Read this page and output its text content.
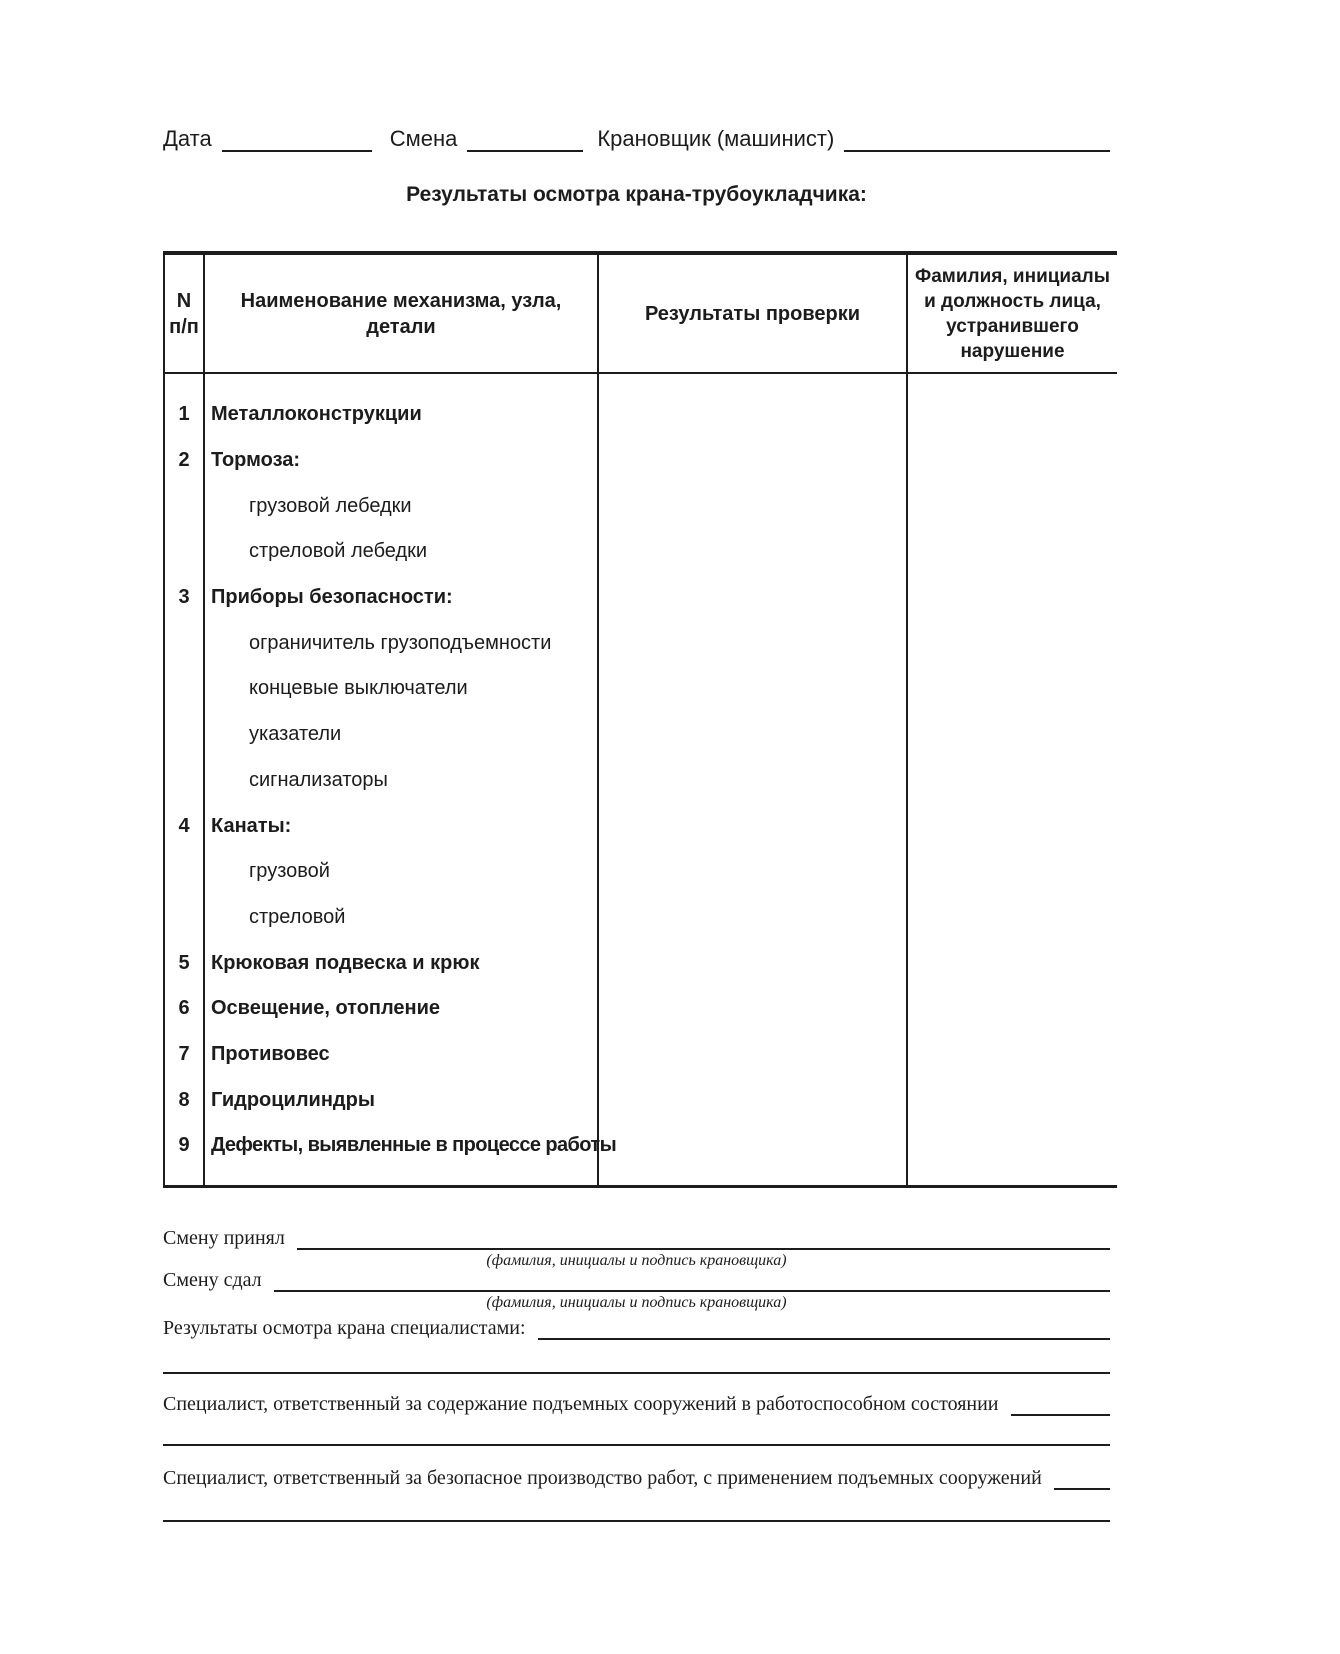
Дата	Смена	Крановщик (машинист)
Результаты осмотра крана-трубоукладчика:
N
п/п
Наименование механизма, узла, детали
Результаты проверки
Фамилия, инициалы
и должность лица,
устранившего
нарушение
1
2
3
4
5
6
7
8
9
Металлоконструкции
Тормоза:
грузовой лебедки
стреловой лебедки
Приборы безопасности:
ограничитель грузоподъемности
концевые выключатели
указатели
сигнализаторы
Канаты:
грузовой
стреловой
Крюковая подвеска и крюк
Освещение, отопление
Противовес
Гидроцилиндры
Дефекты, выявленные в процессе работы
Смену принял
(фамилия, инициалы и подпись крановщика)
Смену сдал
(фамилия, инициалы и подпись крановщика)
Результаты осмотра крана специалистами:
Специалист, ответственный за содержание подъемных сооружений в работоспособном состоянии
Специалист, ответственный за безопасное производство работ, с применением подъемных сооружений
